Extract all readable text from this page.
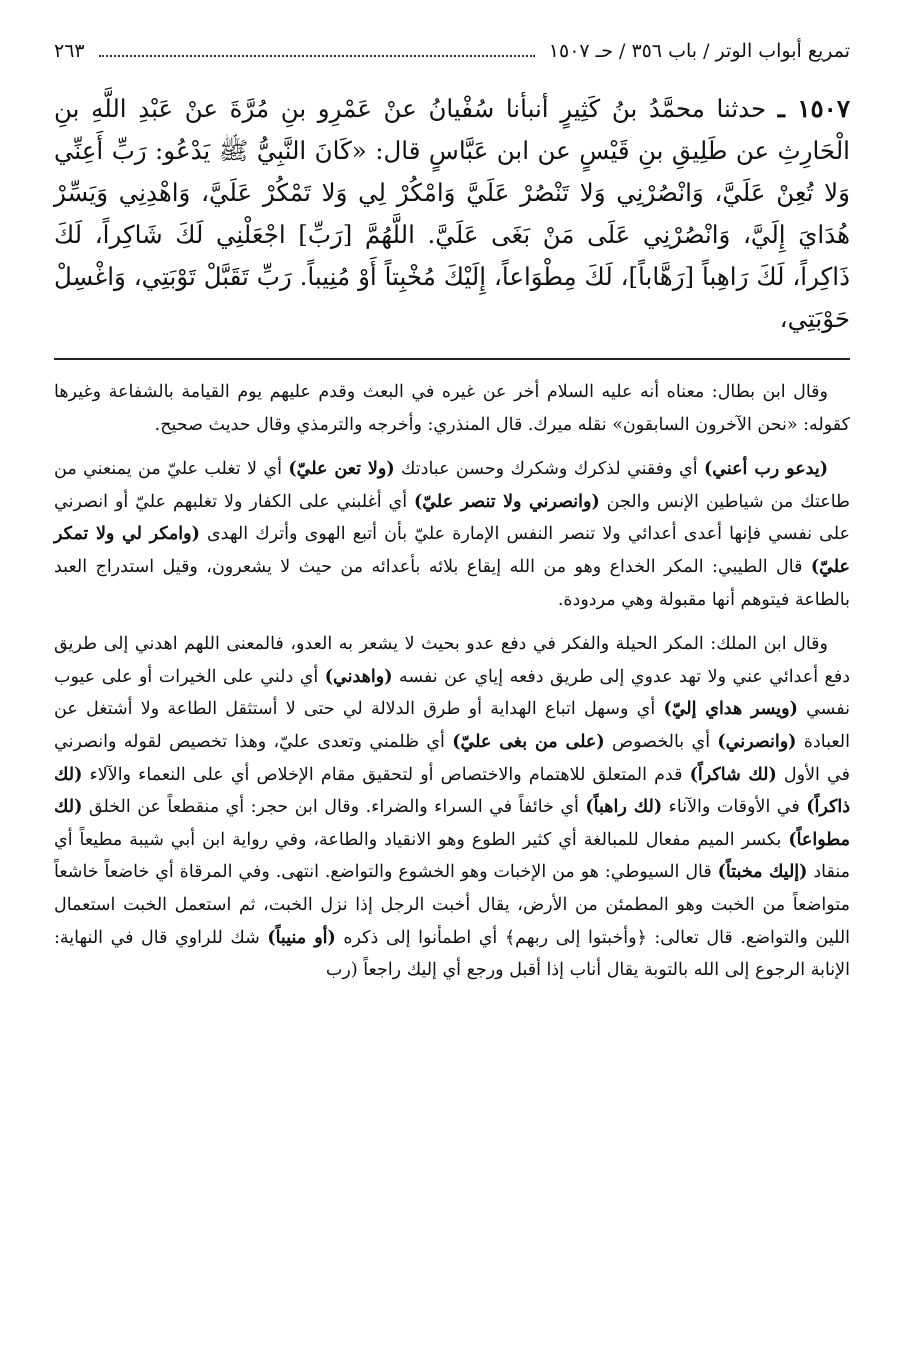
تمريع أبواب الوتر / باب ٣٥٦ / حـ ١٥٠٧
٢٦٣
١٥٠٧ ـ حدثنا محمَّدُ بنُ كَثِيرٍ أنبأنا سُفْيانُ عنْ عَمْرِو بنِ مُرَّةَ عنْ عَبْدِ اللَّهِ بنِ الْحَارِثِ عن طَلِيقِ بنِ قَيْسٍ عن ابن عَبَّاسٍ قال: «كَانَ النَّبِيُّ ﷺ يَدْعُو: رَبِّ أَعِنِّي وَلا تُعِنْ عَلَيَّ، وَانْصُرْنِي وَلا تَنْصُرْ عَلَيَّ وَامْكُرْ لِي وَلا تَمْكُرْ عَلَيَّ، وَاهْدِنِي وَيَسِّرْ هُدَايَ إِلَيَّ، وَانْصُرْنِي عَلَى مَنْ بَغَى عَلَيَّ. اللَّهُمَّ [رَبِّ] اجْعَلْنِي لَكَ شَاكِراً، لَكَ ذَاكِراً، لَكَ رَاهِباً [رَهَّاباً]، لَكَ مِطْوَاعاً، إِلَيْكَ مُخْبِتاً أَوْ مُنِيباً. رَبِّ تَقَبَّلْ تَوْبَتِي، وَاغْسِلْ حَوْبَتِي،

وقال ابن بطال: معناه أنه عليه السلام أخر عن غيره في البعث وقدم عليهم يوم القيامة بالشفاعة وغيرها كقوله: «نحن الآخرون السابقون» نقله ميرك. قال المنذري: وأخرجه والترمذي وقال حديث صحيح.

(يدعو رب أعني) أي وفقني لذكرك وشكرك وحسن عبادتك (ولا تعن عليّ) أي لا تغلب عليّ من يمنعني من طاعتك من شياطين الإنس والجن (وانصرني ولا تنصر عليّ) أي أغلبني على الكفار ولا تغلبهم عليّ أو انصرني على نفسي فإنها أعدى أعدائي ولا تنصر النفس الإمارة عليّ بأن أتبع الهوى وأترك الهدى (وامكر لي ولا تمكر عليّ) قال الطيبي: المكر الخداع وهو من الله إيقاع بلائه بأعدائه من حيث لا يشعرون، وقيل استدراج العبد بالطاعة فيتوهم أنها مقبولة وهي مردودة.

وقال ابن الملك: المكر الحيلة والفكر في دفع عدو بحيث لا يشعر به العدو، فالمعنى اللهم اهدني إلى طريق دفع أعدائي عني ولا تهد عدوي إلى طريق دفعه إياي عن نفسه (واهدني) أي دلني على الخيرات أو على عيوب نفسي (ويسر هداي إليّ) أي وسهل اتباع الهداية أو طرق الدلالة لي حتى لا أستثقل الطاعة ولا أشتغل عن العبادة (وانصرني) أي بالخصوص (على من بغى عليّ) أي ظلمني وتعدى عليّ، وهذا تخصيص لقوله وانصرني في الأول (لك شاكراً) قدم المتعلق للاهتمام والاختصاص أو لتحقيق مقام الإخلاص أي على النعماء والآلاء (لك ذاكراً) في الأوقات والآناء (لك راهباً) أي خائفاً في السراء والضراء. وقال ابن حجر: أي منقطعاً عن الخلق (لك مطواعاً) بكسر الميم مفعال للمبالغة أي كثير الطوع وهو الانقياد والطاعة، وفي رواية ابن أبي شيبة مطيعاً أي منقاد (إليك مخبتاً) قال السيوطي: هو من الإخبات وهو الخشوع والتواضع. انتهى. وفي المرقاة أي خاضعاً خاشعاً متواضعاً من الخبت وهو المطمئن من الأرض، يقال أخبت الرجل إذا نزل الخبت، ثم استعمل الخبت استعمال اللين والتواضع. قال تعالى: ﴿وأخبتوا إلى ربهم﴾ أي اطمأنوا إلى ذكره (أو منيباً) شك للراوي قال في النهاية: الإنابة الرجوع إلى الله بالتوبة يقال أناب إذا أقبل ورجع أي إليك راجعاً (رب
